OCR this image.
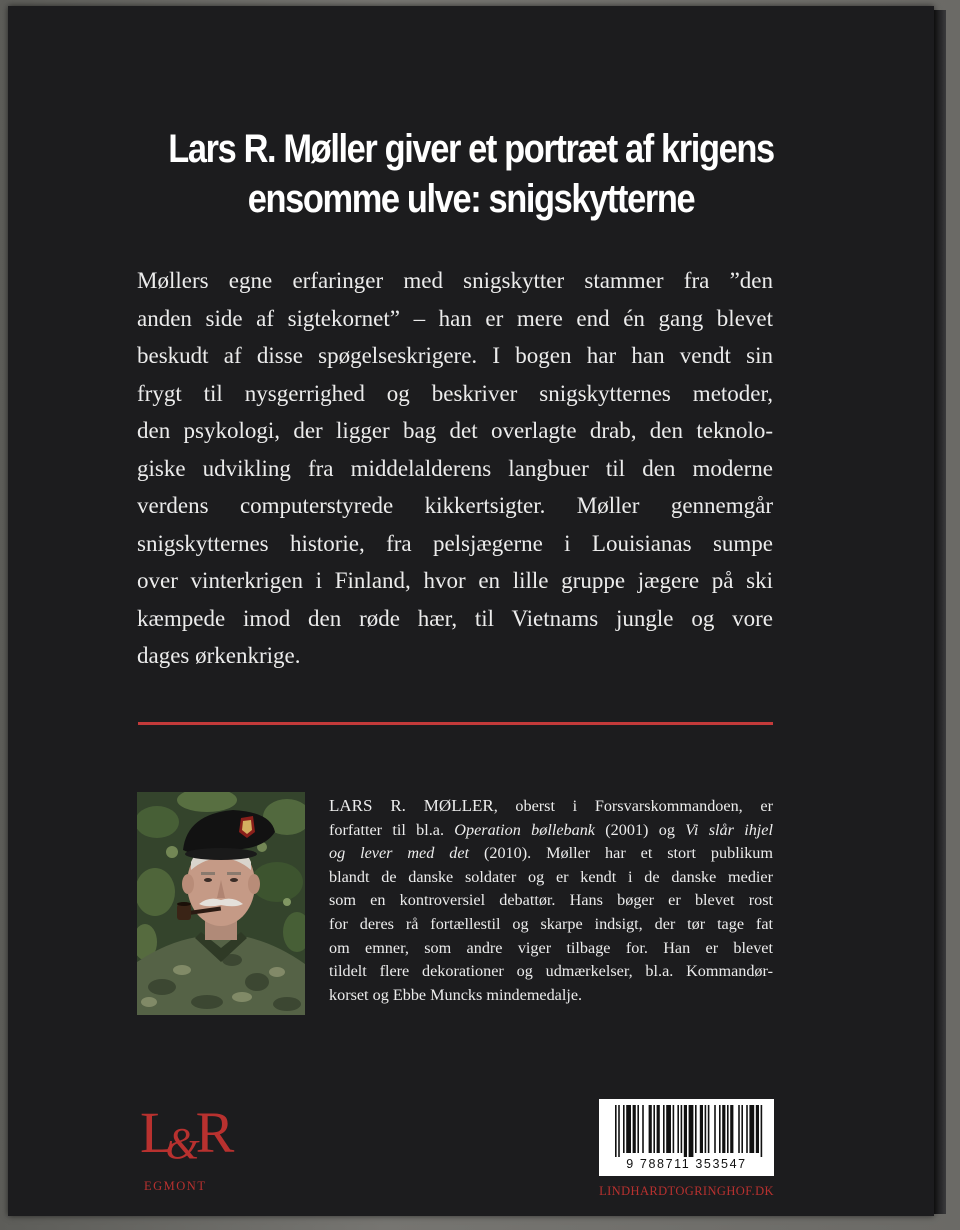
Lars R. Møller giver et portræt af krigens
ensomme ulve: snigskytterne
Møllers egne erfaringer med snigskytter stammer fra ”den
anden side af sigtekornet” – han er mere end én gang blevet
beskudt af disse spøgelseskrigere. I bogen har han vendt sin
frygt til nysgerrighed og beskriver snigskytternes metoder,
den psykologi, der ligger bag det overlagte drab, den teknolo-
giske udvikling fra middelalderens langbuer til den moderne
verdens computerstyrede kikkertsigter. Møller gennemgår
snigskytternes historie, fra pelsjægerne i Louisianas sumpe
over vinterkrigen i Finland, hvor en lille gruppe jægere på ski
kæmpede imod den røde hær, til Vietnams jungle og vore
dages ørkenkrige.
LARS R. MØLLER, oberst i Forsvarskommandoen, er
forfatter til bl.a. Operation bøllebank (2001) og Vi slår ihjel
og lever med det (2010). Møller har et stort publikum
blandt de danske soldater og er kendt i de danske medier
som en kontroversiel debattør. Hans bøger er blevet rost
for deres rå fortællestil og skarpe indsigt, der tør tage fat
om emner, som andre viger tilbage for. Han er blevet
tildelt flere dekorationer og udmærkelser, bl.a. Kommandør-
korset og Ebbe Muncks mindemedalje.
L&R
EGMONT
9 788711 353547
LINDHARDTOGRINGHOF.DK
